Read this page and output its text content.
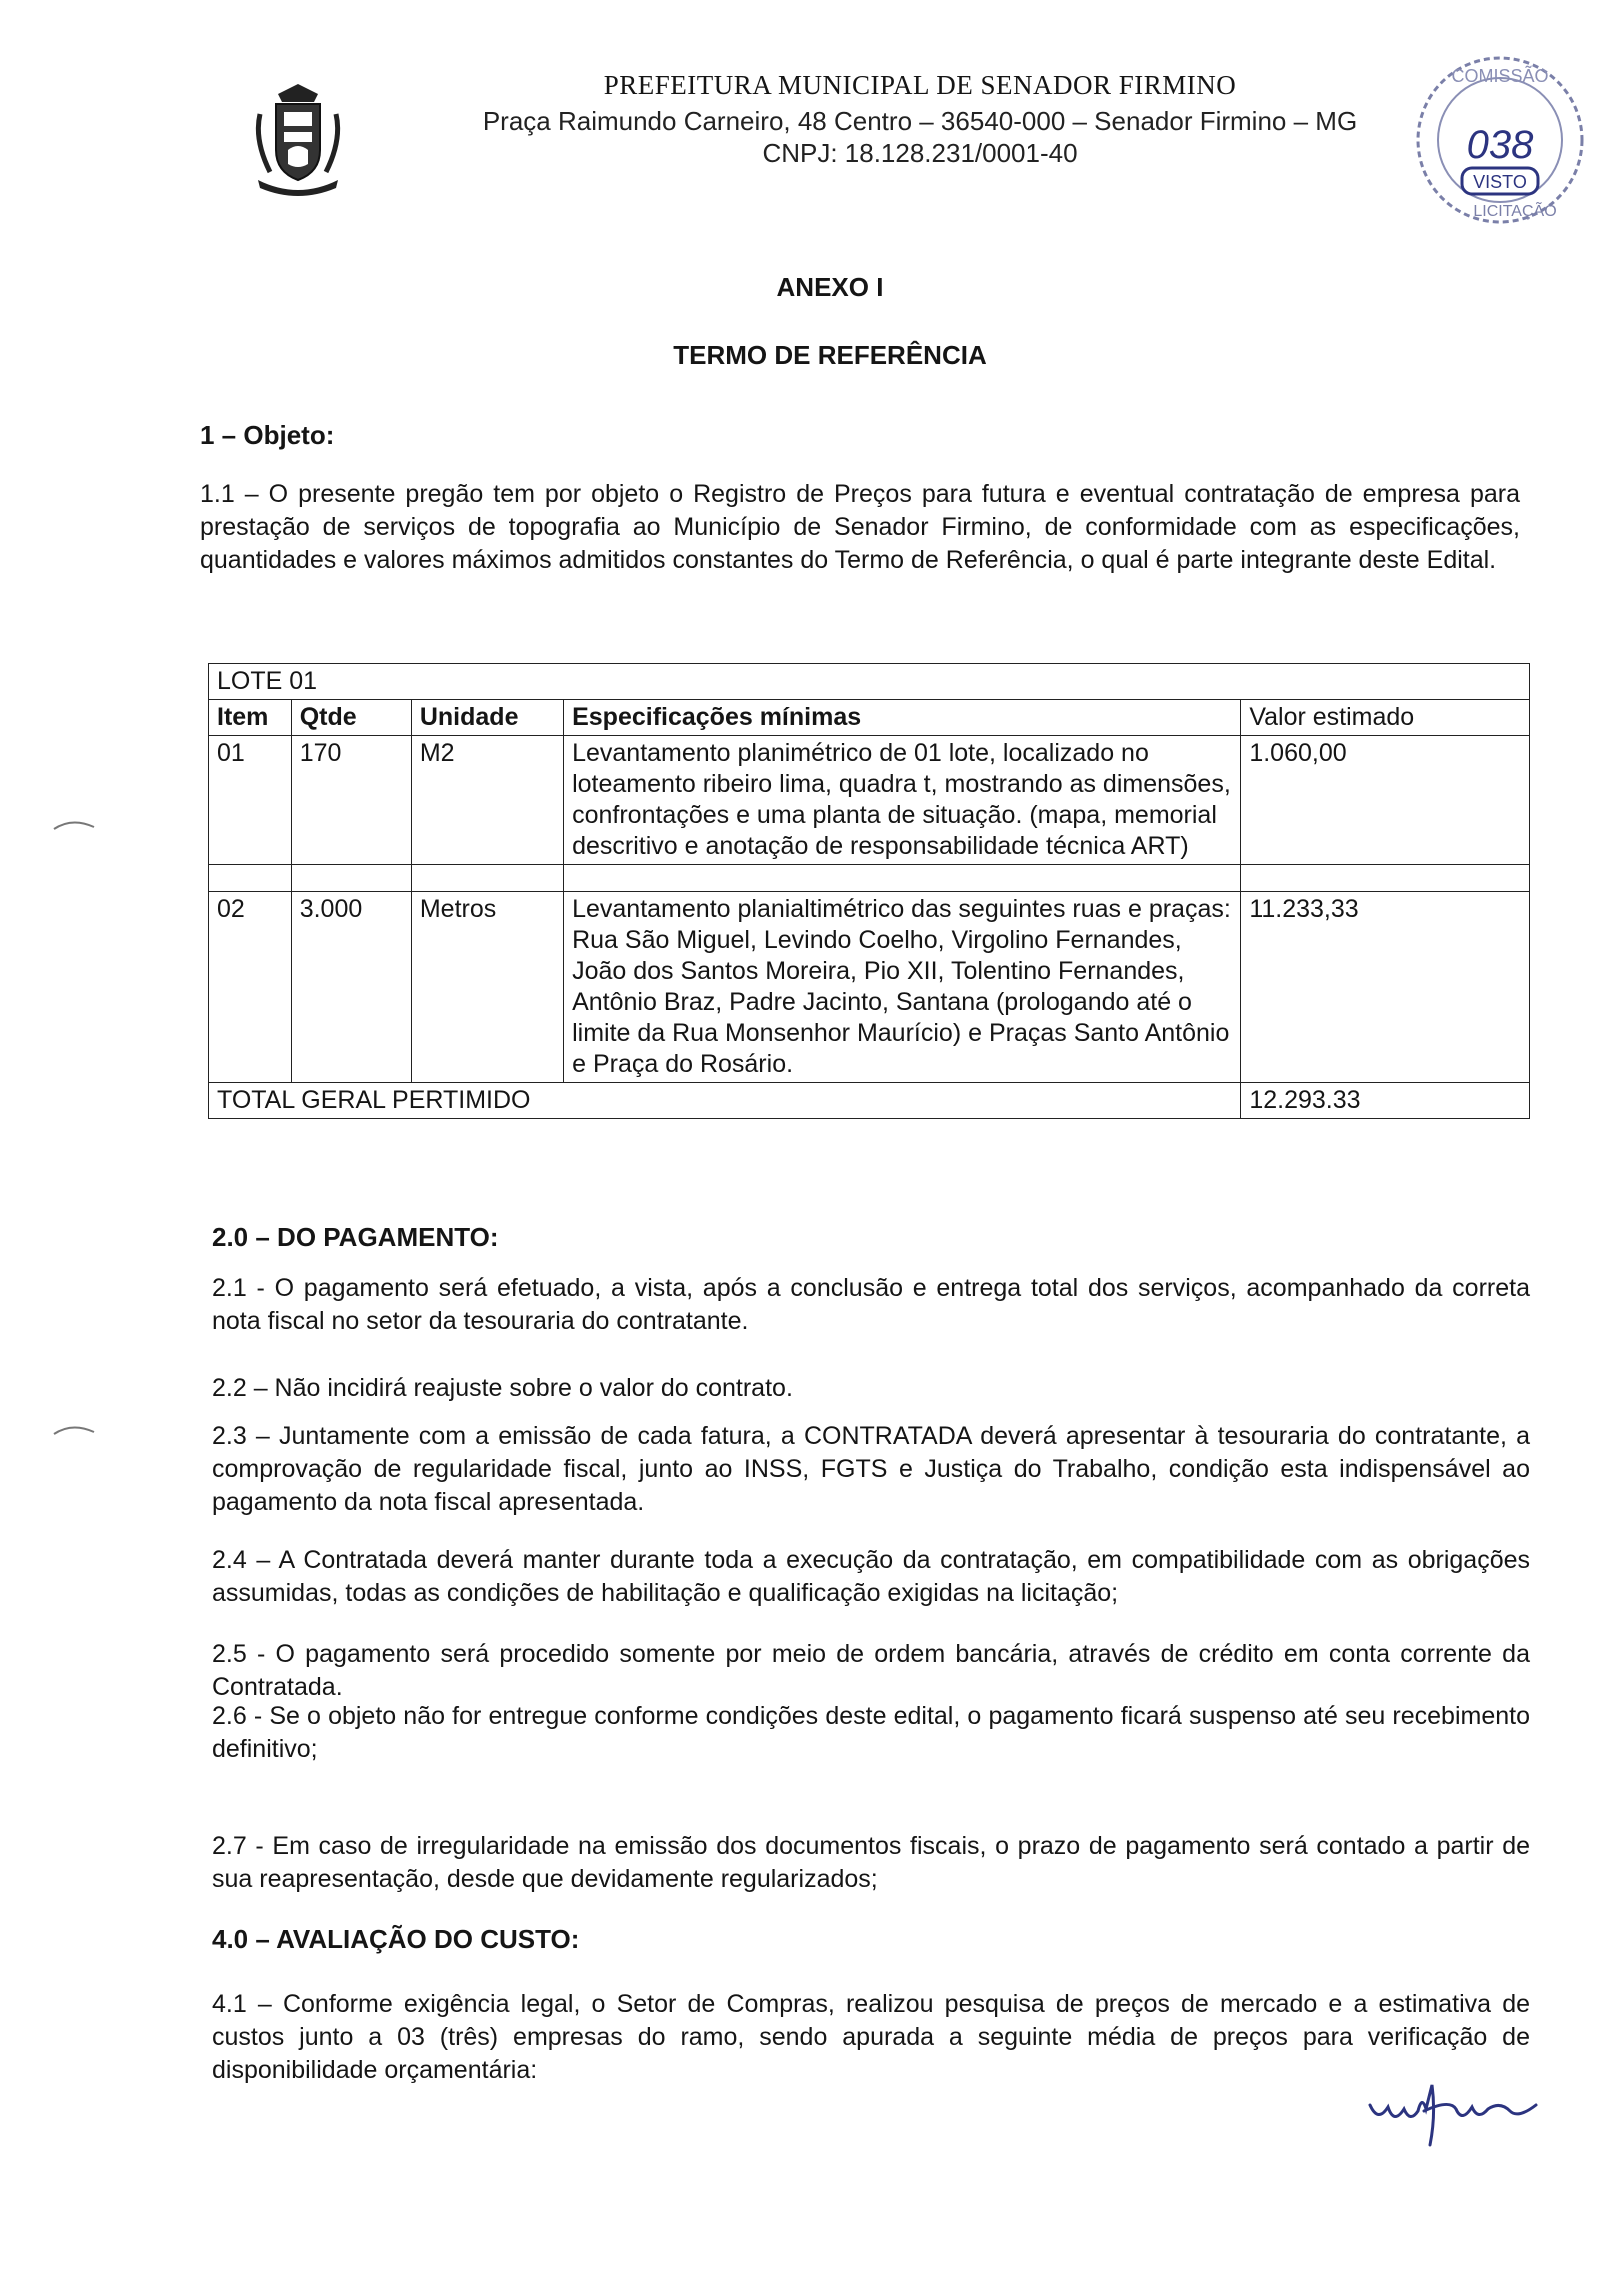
PREFEITURA MUNICIPAL DE SENADOR FIRMINO
Praça Raimundo Carneiro, 48 Centro – 36540-000 – Senador Firmino – MG
CNPJ: 18.128.231/0001-40
COMISSÃO
038
VISTO
LICITAÇÃO
ANEXO I
TERMO DE REFERÊNCIA
1 – Objeto:
1.1 – O presente pregão tem por objeto o Registro de Preços para futura e eventual contratação de empresa para prestação de serviços de topografia ao Município de Senador Firmino, de conformidade com as especificações, quantidades e valores máximos admitidos constantes do Termo de Referência, o qual é parte integrante deste Edital.
LOTE 01				
Item	Qtde	Unidade	Especificações mínimas	Valor estimado
01	170	M2	Levantamento planimétrico de 01 lote, localizado no loteamento ribeiro lima, quadra t, mostrando as dimensões, confrontações e uma planta de situação. (mapa, memorial descritivo e anotação de responsabilidade técnica ART)	1.060,00

02	3.000	Metros	Levantamento planialtimétrico das seguintes ruas e praças: Rua São Miguel, Levindo Coelho, Virgolino Fernandes, João dos Santos Moreira, Pio XII, Tolentino Fernandes, Antônio Braz, Padre Jacinto, Santana (prologando até o limite da Rua Monsenhor Maurício) e Praças Santo Antônio e Praça do Rosário.	11.233,33
TOTAL GERAL PERTIMIDO				12.293.33
2.0 – DO PAGAMENTO:
2.1 - O pagamento será efetuado, a vista, após a conclusão e entrega total dos serviços, acompanhado da correta nota fiscal no setor da tesouraria do contratante.
2.2 – Não incidirá reajuste sobre o valor do contrato.
2.3 – Juntamente com a emissão de cada fatura, a CONTRATADA deverá apresentar à tesouraria do contratante, a comprovação de regularidade fiscal, junto ao INSS, FGTS e Justiça do Trabalho, condição esta indispensável ao pagamento da nota fiscal apresentada.
2.4 – A Contratada deverá manter durante toda a execução da contratação, em compatibilidade com as obrigações assumidas, todas as condições de habilitação e qualificação exigidas na licitação;
2.5 - O pagamento será procedido somente por meio de ordem bancária, através de crédito em conta corrente da Contratada.
2.6 - Se o objeto não for entregue conforme condições deste edital, o pagamento ficará suspenso até seu recebimento definitivo;
2.7 - Em caso de irregularidade na emissão dos documentos fiscais, o prazo de pagamento será contado a partir de sua reapresentação, desde que devidamente regularizados;
4.0 – AVALIAÇÃO DO CUSTO:
4.1 – Conforme exigência legal, o Setor de Compras, realizou pesquisa de preços de mercado e a estimativa de custos junto a 03 (três) empresas do ramo, sendo apurada a seguinte média de preços para verificação de disponibilidade orçamentária:
